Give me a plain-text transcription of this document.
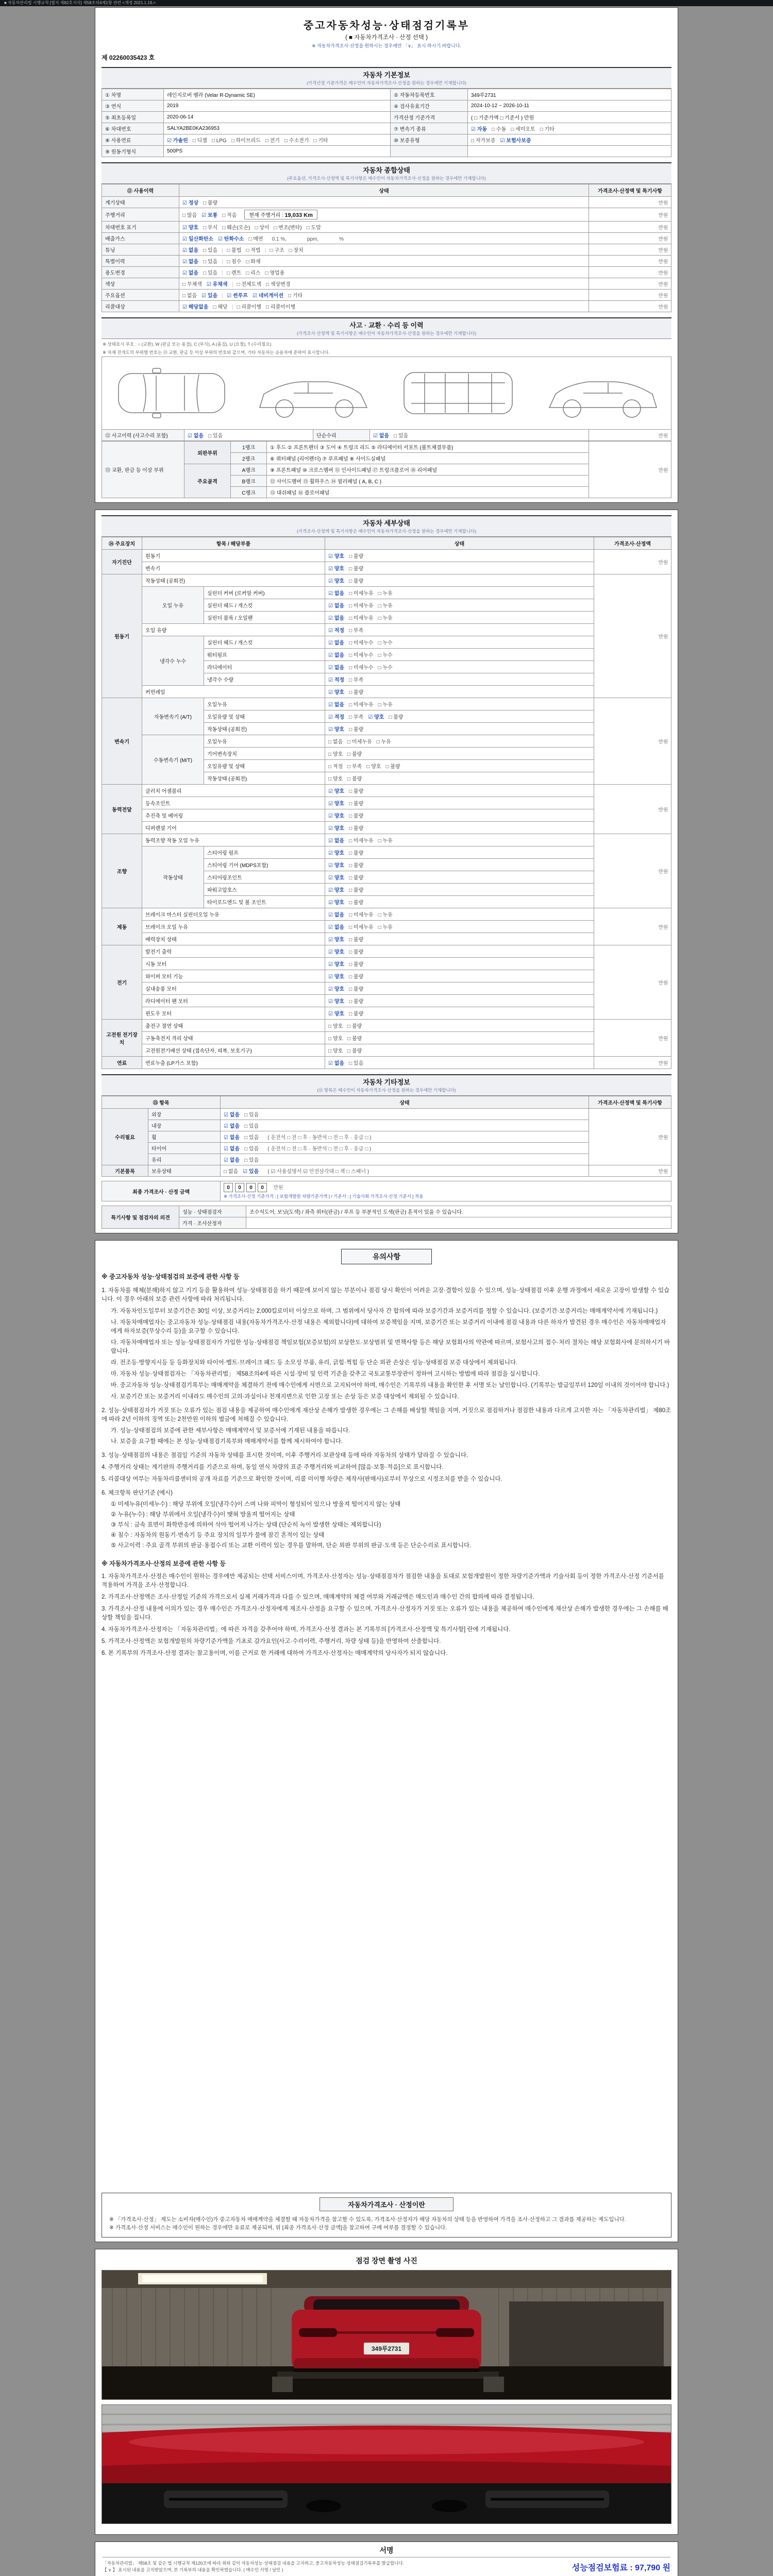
■ 자동차관리법 시행규칙 [별지 제82호서식] 제58조의4제1항 관련 <개정 2021.1.19.>
중고자동차성능·상태점검기록부
( ■ 자동차가격조사 · 산정 선택 )
※ 자동차가격조사·산정을 원하시는 경우에만 「∨」 표시 하시기 바랍니다.
제 02260035423 호
자동차 기본정보
(가격산정 기준가격은 매수인이 자동차가격조사·산정을 원하는 경우에만 기재합니다)
① 차명	레인지로버 벨라 (Velar R-Dynamic SE)	② 자동차등록번호	349루2731
③ 연식	2019	④ 검사유효기간	2024-10-12 ~ 2026-10-11
⑤ 최초등록일	2020-06-14	가격산정 기준가격	( □ 기준가액 □ 기준서 ) 만원
⑥ 차대번호	SALYA2BE0KA236953	⑦ 변속기 종류	☑ 자동 □ 수동 □ 세미오토 □ 기타
⑧ 사용연료	☑ 가솔린 □ 디젤 □ LPG □ 하이브리드 □ 전기 □ 수소전기 □ 기타	⑩ 보증유형	□ 자가보증 ☑ 보험사보증
⑨ 원동기형식	500PS		
자동차 종합상태
(주요옵션, 가격조사·산정액 및 특기사항은 매수인이 자동차가격조사·산정을 원하는 경우에만 기재합니다)
⑪ 사용이력	상태	가격조사·산정액 및 특기사항
계기상태	☑ 정상 □ 불량	만원
주행거리	□ 많음 ☑ 보통 □ 적음 현재 주행거리 : 19,033 Km	만원
차대번호 표기	☑ 양호 □ 부식 □ 훼손(오손) □ 상이 □ 변조(변타) □ 도말	만원
배출가스	☑ 일산화탄소 ☑ 탄화수소 □ 매연 0.1 %,　　　　ppm,　　　　%	만원
튜닝	☑ 없음 □ 있음 □ 불법 □ 적법 □ 구조 □ 장치	만원
특별이력	☑ 없음 □ 있음 □ 침수 □ 화재	만원
용도변경	☑ 없음 □ 있음 □ 렌트 □ 리스 □ 영업용	만원
색상	□ 무채색 ☑ 유채색 □ 전체도색 □ 색상변경	만원
주요옵션	□ 없음 ☑ 있음 ☑ 썬루프 ☑ 네비게이션 □ 기타	만원
리콜대상	☑ 해당없음 □ 해당 □ 리콜이행 □ 리콜미이행	만원
사고 · 교환 · 수리 등 이력
(가격조사·산정액 및 특기사항은 매수인이 자동차가격조사·산정을 원하는 경우에만 기재합니다)
※ 상태표시 부호 : ○ (교환), W (판금 또는 용접), C (부식), A (흠집), U (요철), T (수리필요)
※ 차체 전개도의 부위별 번호는 ⑬ 교환, 판금 등 이상 부위의 번호와 같으며, 기타 자동차는 승용차에 준하여 표시합니다.
⑫ 사고이력 (사고수리 포함)	☑ 없음 □ 있음	단순수리	☑ 없음 □ 있음	만원
⑬ 교환, 판금 등 이상 부위	외판부위	1랭크	① 후드 ② 프론트펜더 ③ 도어 ④ 트렁크 리드 ⑤ 라디에이터 서포트 (볼트체결부품)	만원
		2랭크	⑥ 쿼터패널 (리어펜더) ⑦ 루프패널 ⑧ 사이드실패널	
	주요골격	A랭크	⑨ 프론트패널 ⑩ 크로스멤버 ⑪ 인사이드패널 ⑰ 트렁크플로어 ⑱ 리어패널	
		B랭크	⑫ 사이드멤버 ⑬ 휠하우스 ⑭ 필러패널 ( A, B, C )	
		C랭크	⑮ 대쉬패널 ⑯ 플로어패널	
자동차 세부상태
(가격조사·산정액 및 특기사항은 매수인이 자동차가격조사·산정을 원하는 경우에만 기재합니다)
⑭ 주요장치	항목 / 해당부품		상태	가격조사·산정액
자기진단	원동기		☑ 양호 □ 불량	만원
	변속기		☑ 양호 □ 불량	
원동기	작동상태 (공회전)		☑ 양호 □ 불량	만원
	오일 누유	실린더 커버 (로커암 커버)	☑ 없음 □ 미세누유 □ 누유	
		실린더 헤드 / 개스킷	☑ 없음 □ 미세누유 □ 누유	
		실린더 블록 / 오일팬	☑ 없음 □ 미세누유 □ 누유	
	오일 유량		☑ 적정 □ 부족	
	냉각수 누수	실린더 헤드 / 개스킷	☑ 없음 □ 미세누수 □ 누수	
		워터펌프	☑ 없음 □ 미세누수 □ 누수	
		라디에이터	☑ 없음 □ 미세누수 □ 누수	
		냉각수 수량	☑ 적정 □ 부족	
	커먼레일		☑ 양호 □ 불량	
변속기	자동변속기 (A/T)	오일누유	☑ 없음 □ 미세누유 □ 누유	만원
		오일유량 및 상태	☑ 적정 □ 부족 ☑ 양호 □ 불량	
		작동상태 (공회전)	☑ 양호 □ 불량	
	수동변속기 (M/T)	오일누유	□ 없음 □ 미세누유 □ 누유	
		기어변속장치	□ 양호 □ 불량	
		오일유량 및 상태	□ 적정 □ 부족 □ 양호 □ 불량	
		작동상태 (공회전)	□ 양호 □ 불량	
동력전달	클러치 어셈블리		☑ 양호 □ 불량	만원
	등속조인트		☑ 양호 □ 불량	
	추진축 및 베어링		☑ 양호 □ 불량	
	디퍼렌셜 기어		☑ 양호 □ 불량	
조향	동력조향 작동 오일 누유		☑ 없음 □ 미세누유 □ 누유	만원
	작동상태	스티어링 펌프	☑ 양호 □ 불량	
		스티어링 기어 (MDPS포함)	☑ 양호 □ 불량	
		스티어링조인트	☑ 양호 □ 불량	
		파워고압호스	☑ 양호 □ 불량	
		타이로드엔드 및 볼 조인트	☑ 양호 □ 불량	
제동	브레이크 마스터 실린더오일 누유		☑ 없음 □ 미세누유 □ 누유	만원
	브레이크 오일 누유		☑ 없음 □ 미세누유 □ 누유	
	배력장치 상태		☑ 양호 □ 불량	
전기	발전기 출력		☑ 양호 □ 불량	만원
	시동 모터		☑ 양호 □ 불량	
	와이퍼 모터 기능		☑ 양호 □ 불량	
	실내송풍 모터		☑ 양호 □ 불량	
	라디에이터 팬 모터		☑ 양호 □ 불량	
	윈도우 모터		☑ 양호 □ 불량	
고전원 전기장치	충전구 절연 상태		□ 양호 □ 불량	만원
	구동축전지 격리 상태		□ 양호 □ 불량	
	고전원전기배선 상태 (접속단자, 피복, 보호기구)		□ 양호 □ 불량	
연료	연료누출 (LP가스 포함)		☑ 없음 □ 있음	만원
자동차 기타정보
(⑮ 항목은 매수인이 자동차가격조사·산정을 원하는 경우에만 기재합니다)
⑮ 항목		상태	가격조사·산정액 및 특기사항
수리필요	외장	☑ 없음 □ 있음	만원
	내장	☑ 없음 □ 있음	
	휠	☑ 없음 □ 있음 ( 운전석 □ 전 □ 후 · 동반석 □ 전 □ 후 · 응급 □ )	
	타이어	☑ 없음 □ 있음 ( 운전석 □ 전 □ 후 · 동반석 □ 전 □ 후 · 응급 □ )	
	유리	☑ 없음 □ 있음	
기본품목	보유상태	□ 없음 ☑ 있음 ( ☑ 사용설명서 ☑ 안전삼각대 □ 잭 □ 스패너 )	만원
최종 가격조사 · 산정 금액	0 0 0 0 만원
※ 가격조사·산정 기준가격 : [ 보험개발원 차량기준가액 ] / 기준서 : [ 기술사회 가격조사·산정 기준서 ] 적용
특기사항 및 점검자의 의견	성능 · 상태점검자	조수석도어, 보닛(도색) / 좌측 쿼터(판금) / 루프 등 부분적인 도색(판금) 흔적이 있을 수 있습니다.
	가격 · 조사산정자	
유의사항
※ 중고자동차 성능·상태점검의 보증에 관한 사항 등
1. 자동차를 해체(분해)하지 않고 기기 등을 활용하여 성능·상태점검을 하기 때문에 보이지 않는 부분이나 점검 당시 확인이 어려운 고장·결함이 있을 수 있으며, 성능·상태점검 이후 운행 과정에서 새로운 고장이 발생할 수 있습니다. 이 경우 아래의 보증 관련 사항에 따라 처리됩니다.
가. 자동차인도일부터 보증기간은 30일 이상, 보증거리는 2,000킬로미터 이상으로 하며, 그 범위에서 당사자 간 합의에 따라 보증기간과 보증거리를 정할 수 있습니다. (보증기간·보증거리는 매매계약서에 기재됩니다.)
나. 자동차매매업자는 중고자동차 성능·상태점검 내용(자동차가격조사·산정 내용은 제외합니다)에 대하여 보증책임을 지며, 보증기간 또는 보증거리 이내에 점검 내용과 다른 하자가 발견된 경우 매수인은 자동차매매업자에게 하자보증(무상수리 등)을 요구할 수 있습니다.
다. 자동차매매업자 또는 성능·상태점검자가 가입한 성능·상태점검 책임보험(보증보험)의 보상한도·보상범위 및 면책사항 등은 해당 보험회사의 약관에 따르며, 보험사고의 접수·처리 절차는 해당 보험회사에 문의하시기 바랍니다.
라. 전조등·방향지시등 등 등화장치와 타이어·벨트·브레이크 패드 등 소모성 부품, 유리, 긁힘·찍힘 등 단순 외관 손상은 성능·상태점검 보증 대상에서 제외됩니다.
마. 자동차 성능·상태점검자는 「자동차관리법」 제58조의4에 따른 시설·장비 및 인력 기준을 갖추고 국토교통부장관이 정하여 고시하는 방법에 따라 점검을 실시합니다.
바. 중고자동차 성능·상태점검기록부는 매매계약을 체결하기 전에 매수인에게 서면으로 고지되어야 하며, 매수인은 기록부의 내용을 확인한 후 서명 또는 날인합니다. (기록부는 발급일부터 120일 이내의 것이어야 합니다.)
사. 보증기간 또는 보증거리 이내라도 매수인의 고의·과실이나 천재지변으로 인한 고장 또는 손상 등은 보증 대상에서 제외될 수 있습니다.
2. 성능·상태점검자가 거짓 또는 오류가 있는 점검 내용을 제공하여 매수인에게 재산상 손해가 발생한 경우에는 그 손해를 배상할 책임을 지며, 거짓으로 점검하거나 점검한 내용과 다르게 고지한 자는 「자동차관리법」 제80조에 따라 2년 이하의 징역 또는 2천만원 이하의 벌금에 처해질 수 있습니다.
가. 성능·상태점검의 보증에 관한 세부사항은 매매계약서 및 보증서에 기재된 내용을 따릅니다.
나. 보증을 요구할 때에는 본 성능·상태점검기록부와 매매계약서를 함께 제시하여야 합니다.
3. 성능·상태점검의 내용은 점검일 기준의 자동차 상태를 표시한 것이며, 이후 주행거리·보관상태 등에 따라 자동차의 상태가 달라질 수 있습니다.
4. 주행거리 상태는 계기판의 주행거리를 기준으로 하며, 동일 연식 차량의 표준 주행거리와 비교하여 [많음·보통·적음]으로 표시합니다.
5. 리콜대상 여부는 자동차리콜센터의 공개 자료를 기준으로 확인한 것이며, 리콜 미이행 차량은 제작사(판매사)로부터 무상으로 시정조치를 받을 수 있습니다.
6. 체크항목 판단기준 (예시)
① 미세누유(미세누수) : 해당 부위에 오일(냉각수)이 스며 나와 피막이 형성되어 있으나 방울져 떨어지지 않는 상태
② 누유(누수) : 해당 부위에서 오일(냉각수)이 맺혀 방울져 떨어지는 상태
③ 부식 : 금속 표면이 화학반응에 의하여 삭아 떨어져 나가는 상태 (단순히 녹이 발생한 상태는 제외합니다)
④ 침수 : 자동차의 원동기·변속기 등 주요 장치의 일부가 물에 잠긴 흔적이 있는 상태
⑤ 사고이력 : 주요 골격 부위의 판금·용접수리 또는 교환 이력이 있는 경우를 말하며, 단순 외판 부위의 판금·도색 등은 단순수리로 표시합니다.
※ 자동차가격조사·산정의 보증에 관한 사항 등
1. 자동차가격조사·산정은 매수인이 원하는 경우에만 제공되는 선택 서비스이며, 가격조사·산정자는 성능·상태점검자가 점검한 내용을 토대로 보험개발원이 정한 차량기준가액과 기술사회 등이 정한 가격조사·산정 기준서를 적용하여 가격을 조사·산정합니다.
2. 가격조사·산정액은 조사·산정일 기준의 가격으로서 실제 거래가격과 다를 수 있으며, 매매계약의 체결 여부와 거래금액은 매도인과 매수인 간의 합의에 따라 결정됩니다.
3. 가격조사·산정 내용에 이의가 있는 경우 매수인은 가격조사·산정자에게 재조사·산정을 요구할 수 있으며, 가격조사·산정자가 거짓 또는 오류가 있는 내용을 제공하여 매수인에게 재산상 손해가 발생한 경우에는 그 손해를 배상할 책임을 집니다.
4. 자동차가격조사·산정자는 「자동차관리법」에 따른 자격을 갖추어야 하며, 가격조사·산정 결과는 본 기록부의 [가격조사·산정액 및 특기사항] 란에 기재됩니다.
5. 가격조사·산정액은 보험개발원의 차량기준가액을 기초로 감가요인(사고·수리이력, 주행거리, 차량 상태 등)을 반영하여 산출합니다.
6. 본 기록부의 가격조사·산정 결과는 참고용이며, 이를 근거로 한 거래에 대하여 가격조사·산정자는 매매계약의 당사자가 되지 않습니다.
자동차가격조사 · 산정이란
※ 「가격조사·산정」 제도는 소비자(매수인)가 중고자동차 매매계약을 체결할 때 자동차가격을 참고할 수 있도록, 가격조사·산정자가 해당 자동차의 상태 등을 반영하여 가격을 조사·산정하고 그 결과를 제공하는 제도입니다.
※ 가격조사·산정 서비스는 매수인이 원하는 경우에만 유료로 제공되며, 위 [최종 가격조사·산정 금액]을 참고하여 구매 여부를 결정할 수 있습니다.
점검 장면 촬영 사진
349루2731
서명
「자동차관리법」 제58조 및 같은 법 시행규칙 제120조에 따라 위와 같이 자동차성능·상태점검 내용을 고지하고, 중고자동차성능·상태점검기록부를 발급합니다.
【 ∨ 】 표시된 내용을 고지받았으며, 본 기록부의 내용을 확인하였습니다. ( 매수인 서명 / 날인 )	성능점검보험료 : 97,790 원
